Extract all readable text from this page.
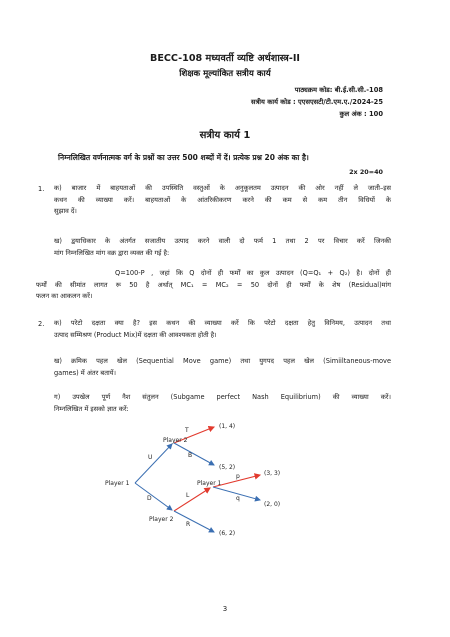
BECC-108 मध्यवर्ती व्यष्टि अर्थशास्त्र-II
शिक्षक मूल्यांकित सत्रीय कार्य
पाठ्यक्रम कोड: बी.ई.सी.सी.-108
सत्रीय कार्य कोड : एएसएसटी/टी.एम.ए./2024-25
कुल अंक : 100
सत्रीय कार्य 1
निम्नलिखित वर्णनात्मक वर्ग के प्रश्नों का उत्तर 500 शब्दों में दें। प्रत्येक प्रश्न 20 अंक का है।
2x 20=40
1. क) बाजार में बाहयताओं की उपस्थिति वस्तुओं के अनुकूलतम उत्पादन की ओर नहीं ले जाती–इस
कथन की व्याख्या करें। बाहयताओं के आंतरिकीकरण करने की कम से कम तीन विधियों के
सुझाव दें।
ख) द्वयाधिकार के अंतर्गत सजातीय उत्पाद करने वाली दो फर्म 1 तथा 2 पर विचार करें जिनकी
मांग निम्नलिखित मांग वक्र द्वारा व्यक्त की गई है:
Q=100-P , जहां कि Q दोनों ही फर्मों का कुल उत्पादन (Q=Q₁ + Q₂) है। दोनों ही
फर्मों की सीमांत लागत रू 50 है अर्थात् MC₁ = MC₂ = 50 दोनों ही फर्मों के शेष (Residual)मांग
फलन का आकलन करें।
2. क) परेटो दक्षता क्या है? इस कथन की व्याख्या करें कि परेटो दक्षता हेतु विनिमय, उत्पादन तथा
उत्पाद सम्मिश्रण (Product Mix)में दक्षता की आवश्यकता होती है।
ख) क्रमिक पहल खेल (Sequential Move game) तथा युगपद पहल खेल (Simiiltaneous-move
games) में अंतर बतायें।
ग) उपखेल पूर्ण नैश संतुलन (Subgame perfect Nash Equilibrium) की व्याख्या करें।
निम्नलिखित में इसको ज्ञात करें:
Player 1
Player 2
Player 2
Player 1
U
D
T
B
L
R
p
q
(1, 4)
(5, 2)
(3, 3)
(2, 0)
(6, 2)
3
